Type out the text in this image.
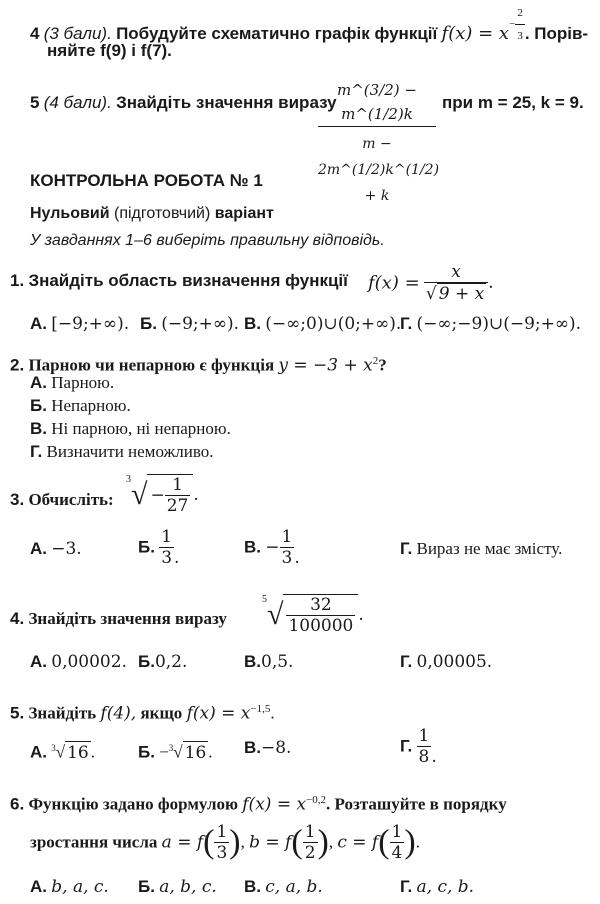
4 (3 бали). Побудуйте схематично графік функції $f(x) = x- \frac{2}{3}$ . Порів-
няйте f(9) і f(7).
5 (4 бали). Знайдіть значення виразу
m^(3/2) − m^(1/2)k
m − 2m^(1/2)k^(1/2) + k
при m = 25, k = 9.
КОНТРОЛЬНА РОБОТА № 1
Нульовий (підготовчий) варіант
У завданнях 1–6 виберіть правильну відповідь.
1. Знайдіть область визначення функції $f(x) = \frac{x}{√ 9 + x}$ .
А. [−9;+∞). Б. (−9;+∞). В. (−∞;0)∪(0;+∞).
Г. (−∞;−9)∪(−9;+∞).
2. Парною чи непарною є функція $y = -3 + x^2$?
А. Парною.
Б. Непарною.
В. Ні парною, ні непарною.
Г. Визначити неможливо.
3. Обчисліть:
$^3√ - \frac{1}{27}$ .
А. −3.	Б. $\frac{1}{3}$ .
В. − $\frac{1}{3}$ .	Г. Вираз не має змісту.
4. Знайдіть значення виразу
$^5√ \frac{32}{100000}$ .
А. 0,00002. Б.0,2.	В.0,5.	Г. 0,00005.
5. Знайдіть f(4), якщо $f(x) = x^{-1,5}$.
А. $^3$√ 16 .	Б. −$^3$√ 16 . В.−8.	Г. $\frac{1}{8}$ .
6. Функцію задано формулою $f(x) = x^{-0,2}$. Розташуйте в порядку
зростання числа $a = f( \frac{1}{3}$ ), $b = f( \frac{1}{2}$ ), $c = f( \frac{1}{4}$ ).
А. b, a, c. Б. a, b, c. В. c, a, b.	Г. a, c, b.
